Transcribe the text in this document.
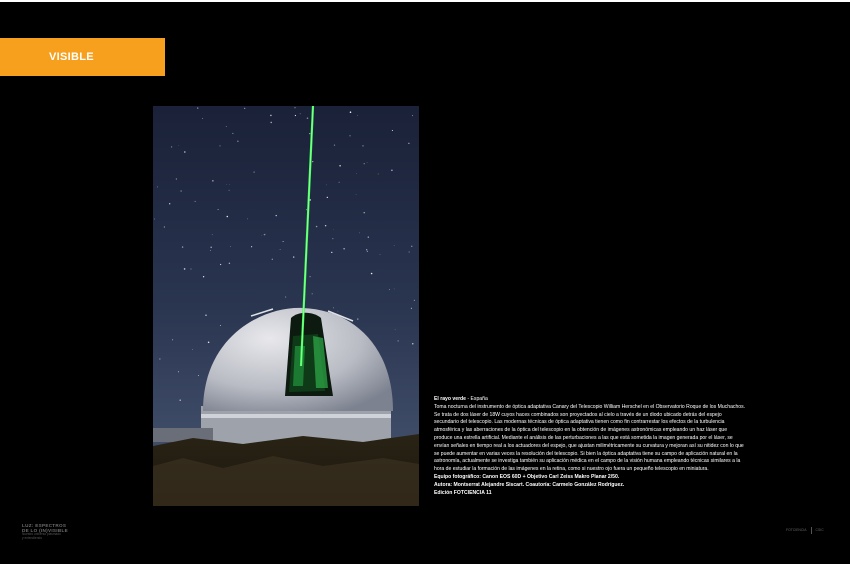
VISIBLE
El rayo verde - España
Toma nocturna del instrumento de óptica adaptativa Canary del Telescopio William Herschel en el Observatorio Roque de los Muchachos. Se trata de dos láser de 18W cuyos haces combinados son proyectados al cielo a través de un diodo ubicado detrás del espejo secundario del telescopio. Las modernas técnicas de óptica adaptativa tienen como fin contrarrestar los efectos de la turbulencia atmosférica y las aberraciones de la óptica del telescopio en la obtención de imágenes astronómicas empleando un haz láser que produce una estrella artificial. Mediante el análisis de las perturbaciones a las que está sometida la imagen generada por el láser, se envían señales en tiempo real a los actuadores del espejo, que ajustan milimétricamente su curvatura y mejoran así su nitidez con lo que se puede aumentar en varias veces la resolución del telescopio. Si bien la óptica adaptativa tiene su campo de aplicación natural en la astronomía, actualmente se investiga también su aplicación médica en el campo de la visión humana empleando técnicas similares a la hora de estudiar la formación de las imágenes en la retina, como si nuestro ojo fuera un pequeño telescopio en miniatura.
Equipo fotográfico: Canon EOS 60D + Objetivo Carl Zeiss Makro Planar 2/50.
Autora: Montserrat Alejandre Siscart. Coautoría: Carmelo González Rodríguez.
Edición FOTCIENCIA 11
LUZ: ESPECTROS
DE LO (IN)VISIBLE
Nuestro universo plasmado
y entendiendo
FOTCIENCIA	CSIC
